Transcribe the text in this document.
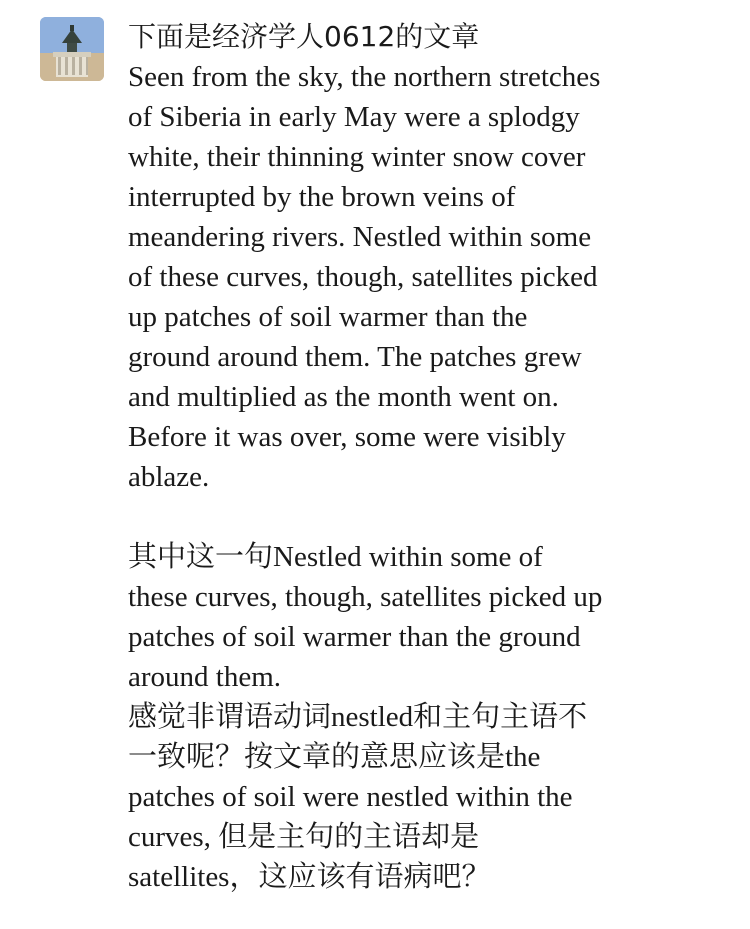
下面是经济学人0612的文章

Seen from the sky, the northern stretches
of Siberia in early May were a splodgy
white, their thinning winter snow cover
interrupted by the brown veins of
meandering rivers. Nestled within some
of these curves, though, satellites picked
up patches of soil warmer than the
ground around them. The patches grew
and multiplied as the month went on.
Before it was over, some were visibly
ablaze.

其中这一句Nestled within some of
these curves, though, satellites picked up
patches of soil warmer than the ground
around them.
感觉非谓语动词nestled和主句主语不
一致呢？按文章的意思应该是the
patches of soil were nestled within the
curves, 但是主句的主语却是
satellites，这应该有语病吧？
